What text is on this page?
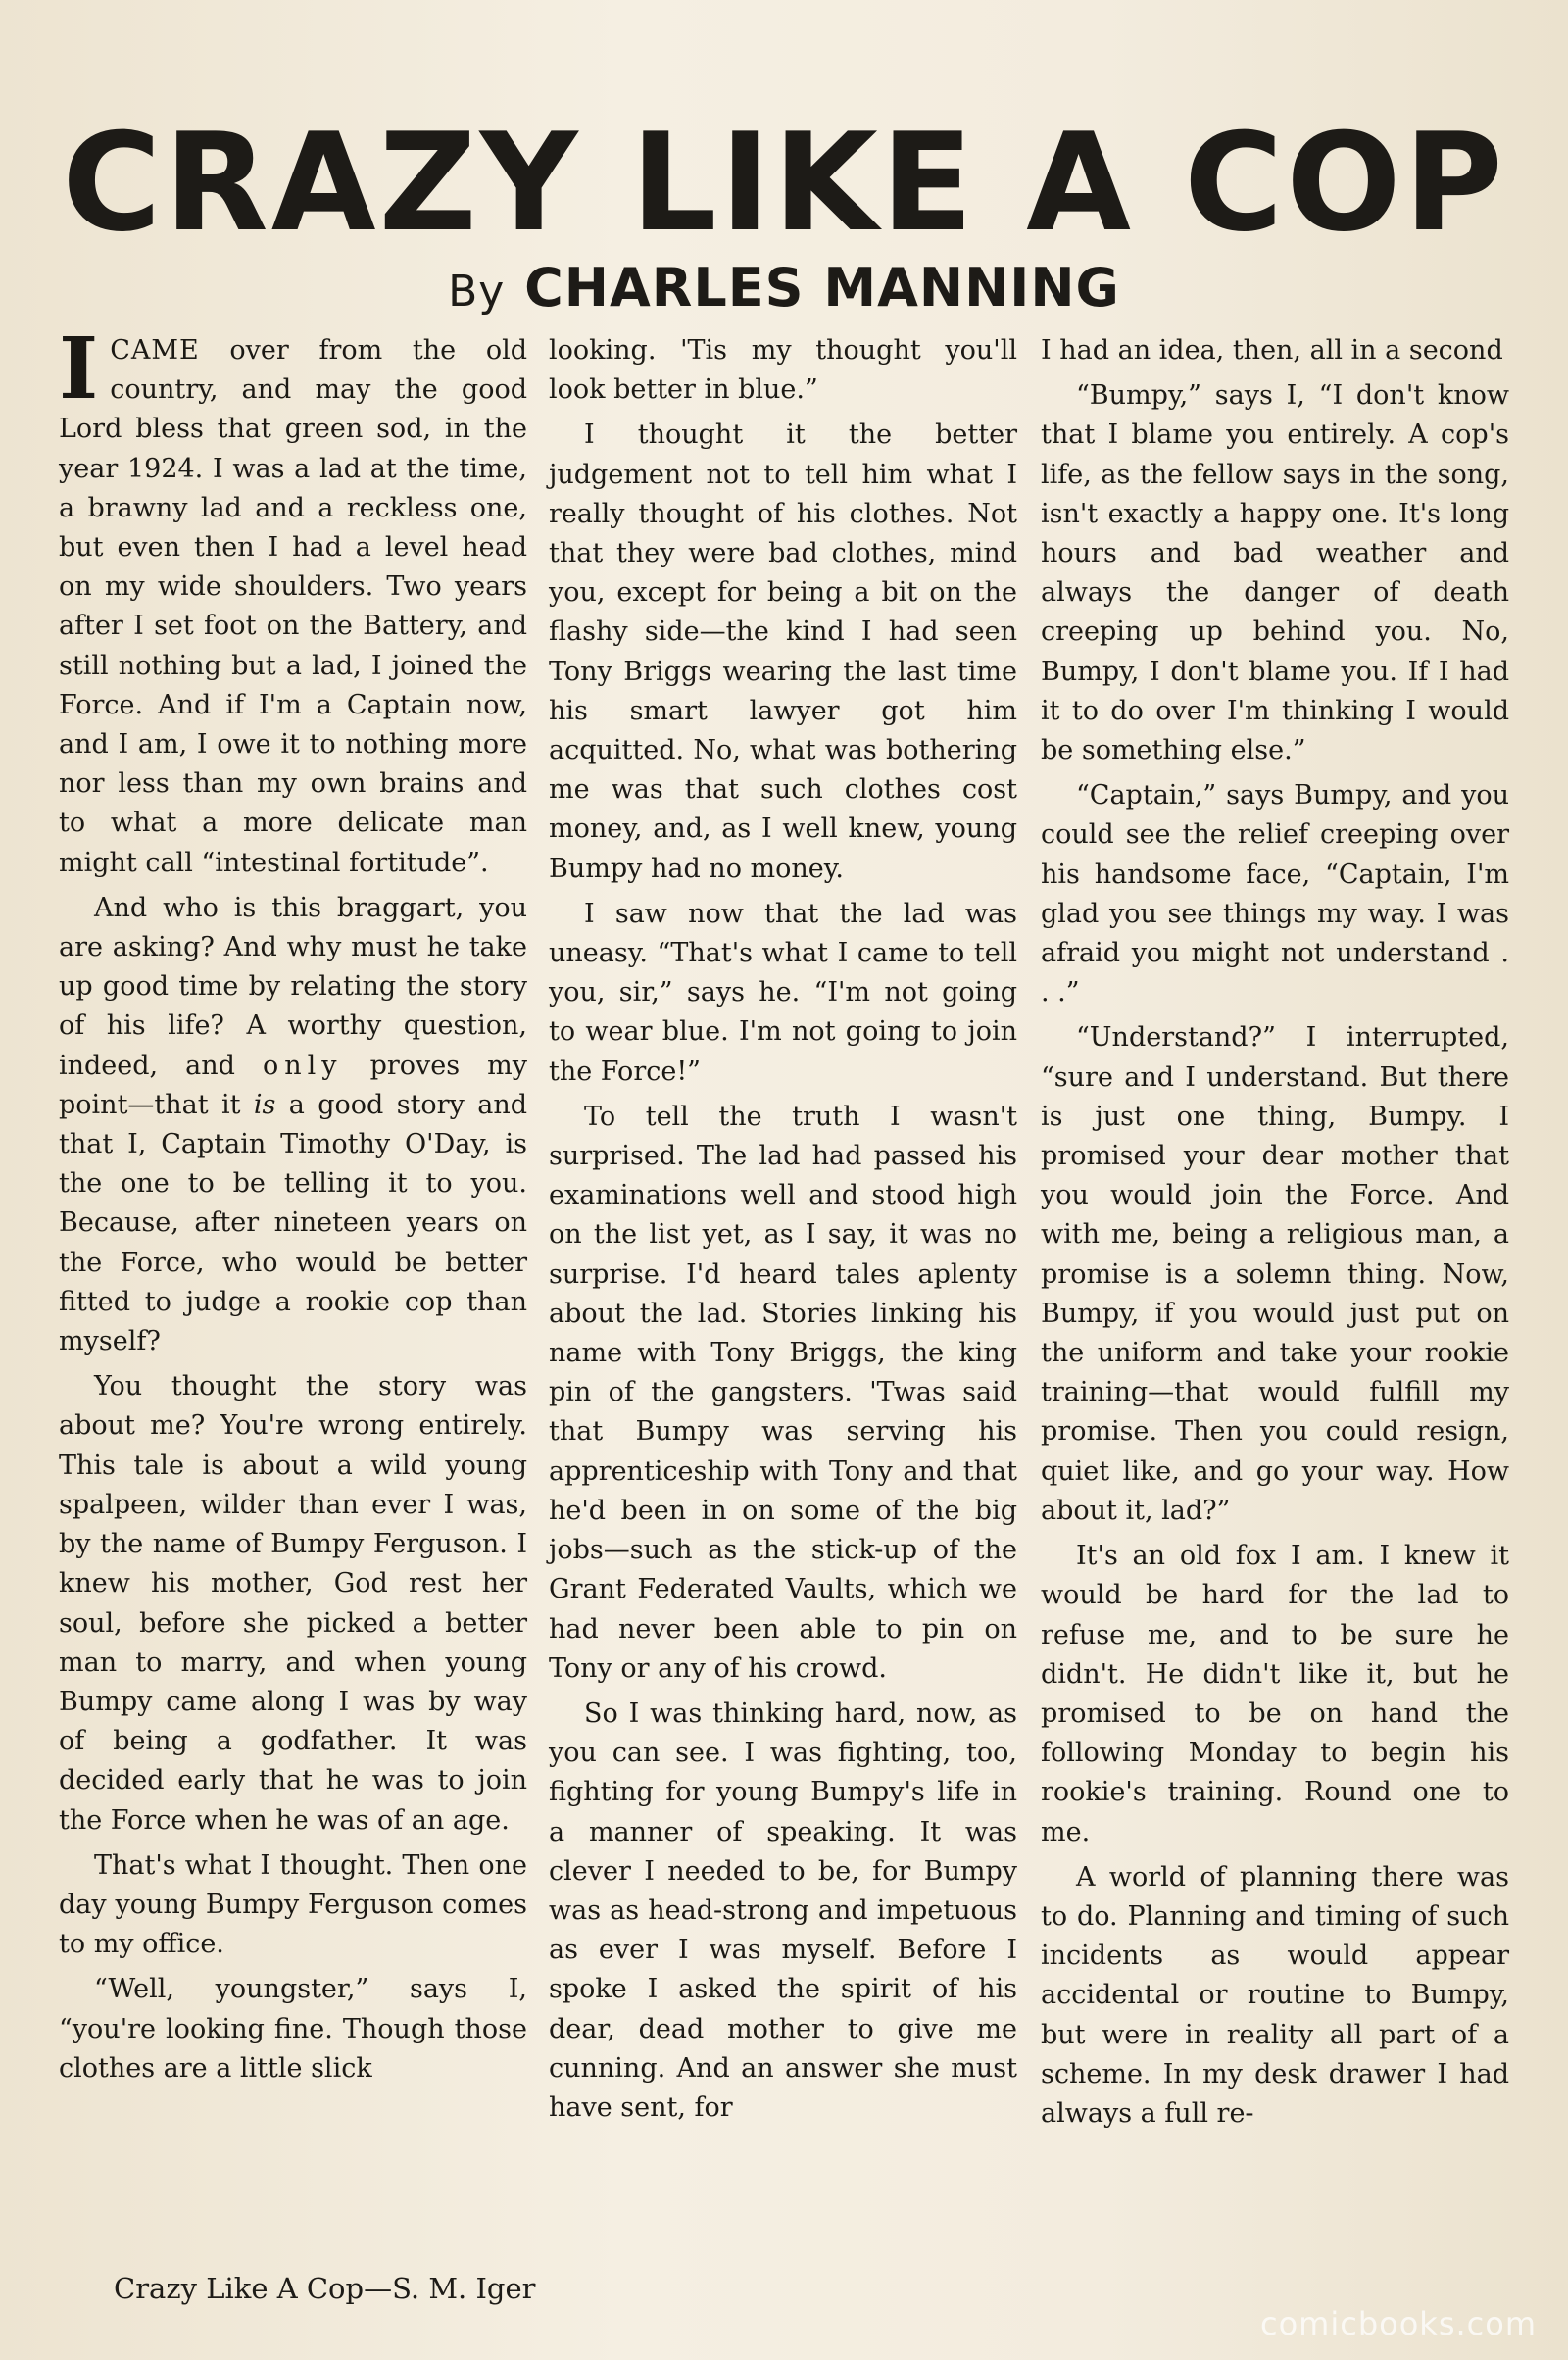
CRAZY LIKE A COP
By CHARLES MANNING

ICAME over from the old country, and may the good Lord bless that green sod, in the year 1924. I was a lad at the time, a brawny lad and a reckless one, but even then I had a level head on my wide shoulders. Two years after I set foot on the Battery, and still nothing but a lad, I joined the Force. And if I'm a Captain now, and I am, I owe it to nothing more nor less than my own brains and to what a more delicate man might call “intestinal fortitude”.

And who is this braggart, you are asking? And why must he take up good time by relating the story of his life? A worthy question, indeed, and only proves my point—that it is a good story and that I, Captain Timothy O'Day, is the one to be telling it to you. Because, after nineteen years on the Force, who would be better fitted to judge a rookie cop than myself?

You thought the story was about me? You're wrong entirely. This tale is about a wild young spalpeen, wilder than ever I was, by the name of Bumpy Ferguson. I knew his mother, God rest her soul, before she picked a better man to marry, and when young Bumpy came along I was by way of being a godfather. It was decided early that he was to join the Force when he was of an age.

That's what I thought. Then one day young Bumpy Ferguson comes to my office.

“Well, youngster,” says I, “you're looking fine. Though those clothes are a little slick

looking. 'Tis my thought you'll look better in blue.”

I thought it the better judgement not to tell him what I really thought of his clothes. Not that they were bad clothes, mind you, except for being a bit on the flashy side—the kind I had seen Tony Briggs wearing the last time his smart lawyer got him acquitted. No, what was bothering me was that such clothes cost money, and, as I well knew, young Bumpy had no money.

I saw now that the lad was uneasy. “That's what I came to tell you, sir,” says he. “I'm not going to wear blue. I'm not going to join the Force!”

To tell the truth I wasn't surprised. The lad had passed his examinations well and stood high on the list yet, as I say, it was no surprise. I'd heard tales aplenty about the lad. Stories linking his name with Tony Briggs, the king pin of the gangsters. 'Twas said that Bumpy was serving his apprenticeship with Tony and that he'd been in on some of the big jobs—such as the stick-up of the Grant Federated Vaults, which we had never been able to pin on Tony or any of his crowd.

So I was thinking hard, now, as you can see. I was fighting, too, fighting for young Bumpy's life in a manner of speaking. It was clever I needed to be, for Bumpy was as head-strong and impetuous as ever I was myself. Before I spoke I asked the spirit of his dear, dead mother to give me cunning. And an answer she must have sent, for

I had an idea, then, all in a second

“Bumpy,” says I, “I don't know that I blame you entirely. A cop's life, as the fellow says in the song, isn't exactly a happy one. It's long hours and bad weather and always the danger of death creeping up behind you. No, Bumpy, I don't blame you. If I had it to do over I'm thinking I would be something else.”

“Captain,” says Bumpy, and you could see the relief creeping over his handsome face, “Captain, I'm glad you see things my way. I was afraid you might not understand . . .”

“Understand?” I interrupted, “sure and I understand. But there is just one thing, Bumpy. I promised your dear mother that you would join the Force. And with me, being a religious man, a promise is a solemn thing. Now, Bumpy, if you would just put on the uniform and take your rookie training—that would fulfill my promise. Then you could resign, quiet like, and go your way. How about it, lad?”

It's an old fox I am. I knew it would be hard for the lad to refuse me, and to be sure he didn't. He didn't like it, but he promised to be on hand the following Monday to begin his rookie's training. Round one to me.

A world of planning there was to do. Planning and timing of such incidents as would appear accidental or routine to Bumpy, but were in reality all part of a scheme. In my desk drawer I had always a full re-

Crazy Like A Cop—S. M. Iger
comicbooks.com
